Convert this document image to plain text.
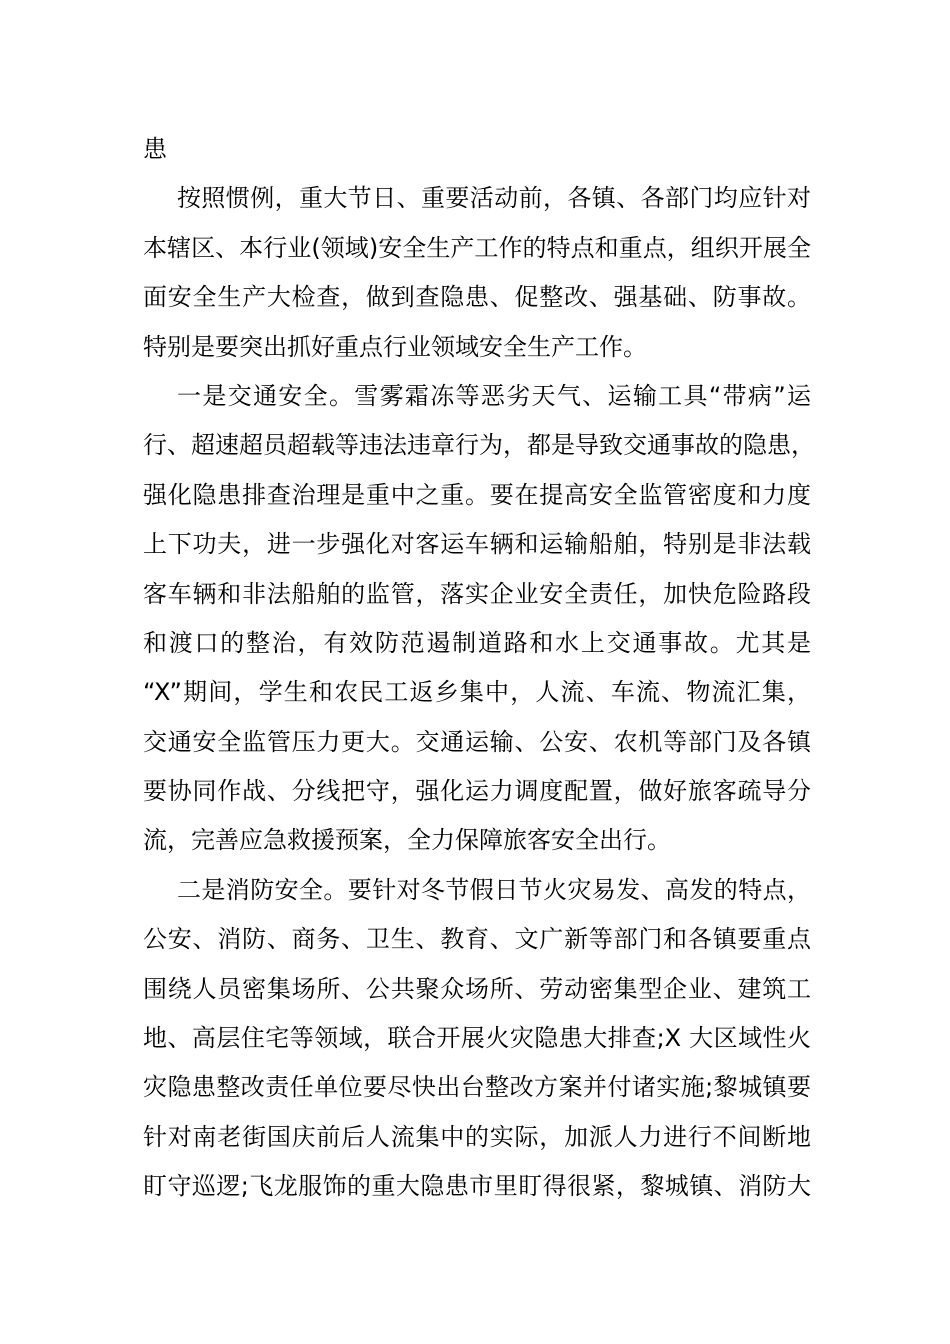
患
按照惯例，重大节日、重要活动前，各镇、各部门均应针对
本辖区、本行业(领域)安全生产工作的特点和重点，组织开展全
面安全生产大检查，做到查隐患、促整改、强基础、防事故。
特别是要突出抓好重点行业领域安全生产工作。
一是交通安全。雪雾霜冻等恶劣天气、运输工具“带病”运
行、超速超员超载等违法违章行为，都是导致交通事故的隐患，
强化隐患排查治理是重中之重。要在提高安全监管密度和力度
上下功夫，进一步强化对客运车辆和运输船舶，特别是非法载
客车辆和非法船舶的监管，落实企业安全责任，加快危险路段
和渡口的整治，有效防范遏制道路和水上交通事故。尤其是
“X”期间，学生和农民工返乡集中，人流、车流、物流汇集，
交通安全监管压力更大。交通运输、公安、农机等部门及各镇
要协同作战、分线把守，强化运力调度配置，做好旅客疏导分
流，完善应急救援预案，全力保障旅客安全出行。
二是消防安全。要针对冬节假日节火灾易发、高发的特点，
公安、消防、商务、卫生、教育、文广新等部门和各镇要重点
围绕人员密集场所、公共聚众场所、劳动密集型企业、建筑工
地、高层住宅等领域，联合开展火灾隐患大排查;X 大区域性火
灾隐患整改责任单位要尽快出台整改方案并付诸实施;黎城镇要
针对南老街国庆前后人流集中的实际，加派人力进行不间断地
盯守巡逻;飞龙服饰的重大隐患市里盯得很紧，黎城镇、消防大
